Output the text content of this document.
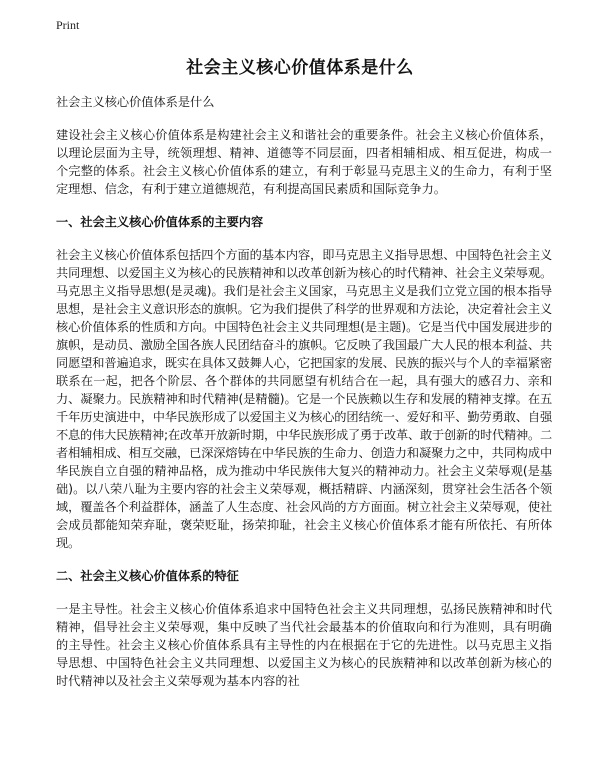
Print
社会主义核心价值体系是什么

社会主义核心价值体系是什么

建设社会主义核心价值体系是构建社会主义和谐社会的重要条件。社会主义核心价值体系，以理论层面为主导，统领理想、精神、道德等不同层面，四者相辅相成、相互促进，构成一个完整的体系。社会主义核心价值体系的建立，有利于彰显马克思主义的生命力，有利于坚定理想、信念，有利于建立道德规范，有利提高国民素质和国际竞争力。

一、社会主义核心价值体系的主要内容

社会主义核心价值体系包括四个方面的基本内容，即马克思主义指导思想、中国特色社会主义共同理想、以爱国主义为核心的民族精神和以改革创新为核心的时代精神、社会主义荣辱观。马克思主义指导思想(是灵魂)。我们是社会主义国家，马克思主义是我们立党立国的根本指导思想，是社会主义意识形态的旗帜。它为我们提供了科学的世界观和方法论，决定着社会主义核心价值体系的性质和方向。中国特色社会主义共同理想(是主题)。它是当代中国发展进步的旗帜，是动员、激励全国各族人民团结奋斗的旗帜。它反映了我国最广大人民的根本利益、共同愿望和普遍追求，既实在具体又鼓舞人心，它把国家的发展、民族的振兴与个人的幸福紧密联系在一起，把各个阶层、各个群体的共同愿望有机结合在一起，具有强大的感召力、亲和力、凝聚力。民族精神和时代精神(是精髓)。它是一个民族赖以生存和发展的精神支撑。在五千年历史演进中，中华民族形成了以爱国主义为核心的团结统一、爱好和平、勤劳勇敢、自强不息的伟大民族精神;在改革开放新时期，中华民族形成了勇于改革、敢于创新的时代精神。二者相辅相成、相互交融，已深深熔铸在中华民族的生命力、创造力和凝聚力之中，共同构成中华民族自立自强的精神品格，成为推动中华民族伟大复兴的精神动力。社会主义荣辱观(是基础)。以八荣八耻为主要内容的社会主义荣辱观，概括精辟、内涵深刻，贯穿社会生活各个领域，覆盖各个利益群体，涵盖了人生态度、社会风尚的方方面面。树立社会主义荣辱观，使社会成员都能知荣弃耻，褒荣贬耻，扬荣抑耻，社会主义核心价值体系才能有所依托、有所体现。

二、社会主义核心价值体系的特征

一是主导性。社会主义核心价值体系追求中国特色社会主义共同理想，弘扬民族精神和时代精神，倡导社会主义荣辱观，集中反映了当代社会最基本的价值取向和行为准则，具有明确的主导性。社会主义核心价值体系具有主导性的内在根据在于它的先进性。以马克思主义指导思想、中国特色社会主义共同理想、以爱国主义为核心的民族精神和以改革创新为核心的时代精神以及社会主义荣辱观为基本内容的社
